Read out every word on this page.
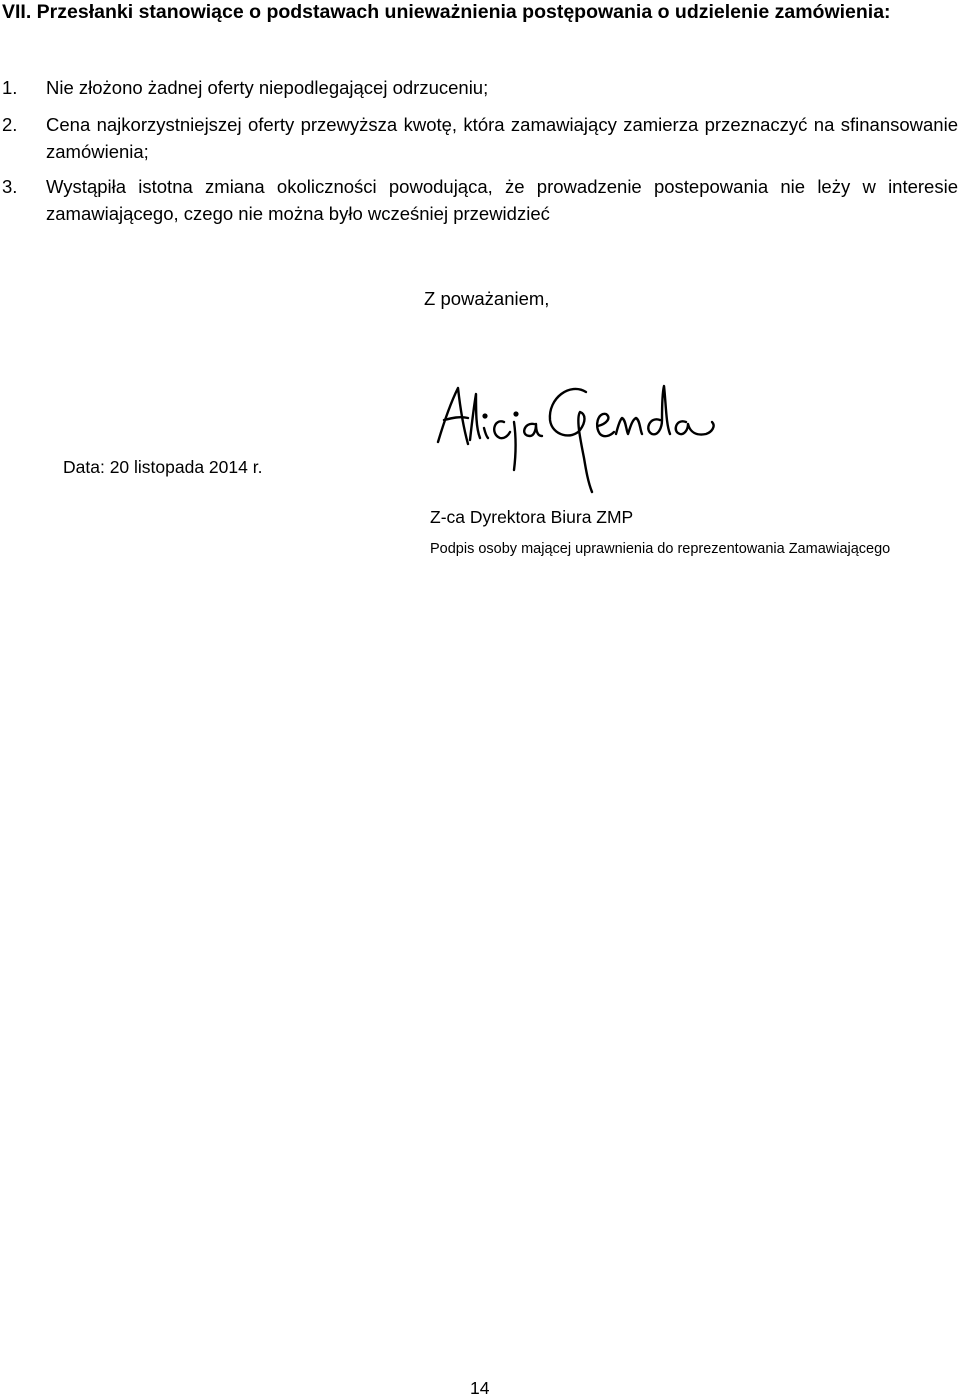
VII. Przesłanki stanowiące o podstawach unieważnienia postępowania o udzielenie zamówienia:
1. Nie złożono żadnej oferty niepodlegającej odrzuceniu;
2. Cena najkorzystniejszej oferty przewyższa kwotę, która zamawiający zamierza przeznaczyć na sfinansowanie zamówienia;
3. Wystąpiła istotna zmiana okoliczności powodująca, że prowadzenie postepowania nie leży w interesie zamawiającego, czego nie można było wcześniej przewidzieć
Z poważaniem,
Data: 20 listopada 2014 r.
Z-ca Dyrektora Biura ZMP
Podpis osoby mającej uprawnienia do reprezentowania Zamawiającego
14
